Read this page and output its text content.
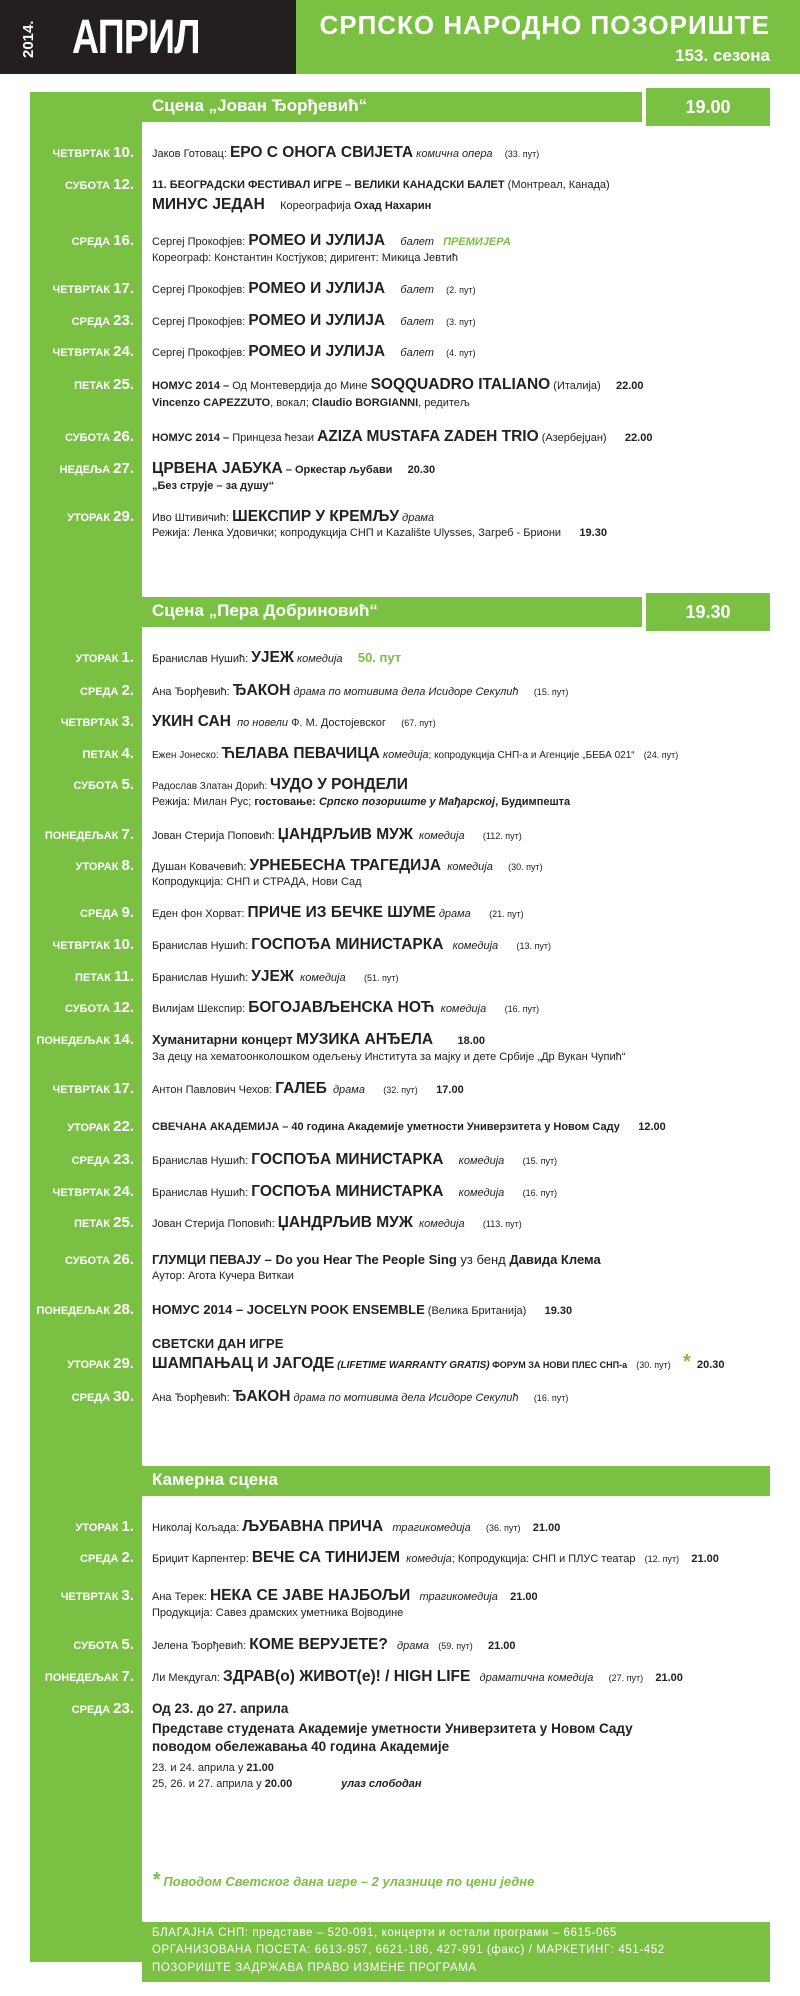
2014. АПРИЛ	СРПСКО НАРОДНО ПОЗОРИШТЕ
153. сезона
Сцена „Јован Ђорђевић“	19.00
ЧЕТВРТАК 10. Јаков Готовац: ЕРО С ОНОГА СВИЈЕТА комична опера (33. пут)
СУБОТА 12. 11. БЕОГРАДСКИ ФЕСТИВАЛ ИГРЕ – ВЕЛИКИ КАНАДСКИ БАЛЕТ (Монтреал, Канада)
МИНУС ЈЕДАН Кореографија Охад Нахарин
СРЕДА 16. Сергеј Прокофјев: РОМЕО И ЈУЛИЈА балет ПРЕМИЈЕРА
Кореограф: Константин Костјуков; диригент: Микица Јевтић
ЧЕТВРТАК 17. Сергеј Прокофјев: РОМЕО И ЈУЛИЈА балет (2. пут)
СРЕДА 23. Сергеј Прокофјев: РОМЕО И ЈУЛИЈА балет (3. пут)
ЧЕТВРТАК 24. Сергеј Прокофјев: РОМЕО И ЈУЛИЈА балет (4. пут)
ПЕТАК 25. НОМУС 2014 – Од Монтевердија до Мине SOQQUADRO ITALIANO (Италија) 22.00
Vincenzo CAPEZZUTO, вокал; Claudio BORGIANNI, редитељ
СУБОТА 26. НОМУС 2014 – Принцеза ћезаи AZIZA MUSTAFA ZADEH TRIO (Азербејџан) 22.00
НЕДЕЉА 27. ЦРВЕНА ЈАБУКА – Оркестар љубави 20.30
„Без струје – за душу“
УТОРАК 29. Иво Штивичић: ШЕКСПИР У КРЕМЉУ драма
Режија: Ленка Удовички; копродукција СНП и Kazalište Ulysses, Загреб - Бриони 19.30
Сцена „Пера Добриновић“	19.30
УТОРАК 1. Бранислав Нушић: УЈЕЖ комедија 50. пут
СРЕДА 2. Ана Ђорђевић: ЂАКОН драма по мотивима дела Исидоре Секулић (15. пут)
ЧЕТВРТАК 3. УКИН САН  по новели Ф. М. Достојевског (67. пут)
ПЕТАК 4. Ежен Јонеско: ЋЕЛАВА ПЕВАЧИЦА комедија; копродукција СНП-а и Агенције „БЕБА 021“ (24. пут)
СУБОТА 5. Радослав Златан Дорић: ЧУДО У РОНДЕЛИ
Режија: Милан Рус; гостовање: Српско позориште у Мађарској, Будимпешта
ПОНЕДЕЉАК 7. Јован Стерија Поповић: ЏАНДРЉИВ МУЖ  комедија (112. пут)
УТОРАК 8. Душан Ковачевић: УРНЕБЕСНА ТРАГЕДИЈА  комедија (30. пут)
Копродукција: СНП и СТРАДА, Нови Сад
СРЕДА 9. Еден фон Хорват: ПРИЧЕ ИЗ БЕЧКЕ ШУМЕ драма (21. пут)
ЧЕТВРТАК 10. Бранислав Нушић: ГОСПОЂА МИНИСТАРКА   комедија (13. пут)
ПЕТАК 11. Бранислав Нушић: УЈЕЖ  комедија (51. пут)
СУБОТА 12. Вилијам Шекспир: БОГОЈАВЉЕНСКА НОЋ  комедија (16. пут)
ПОНЕДЕЉАК 14. Хуманитарни концерт МУЗИКА АНЂЕЛА 18.00
За децу на хематоонколошком одељењу Института за мајку и дете Србије „Др Вукан Чупић“
ЧЕТВРТАК 17. Антон Павлович Чехов: ГАЛЕБ  драма (32. пут) 17.00
УТОРАК 22. СВЕЧАНА АКАДЕМИЈА – 40 година Академије уметности Универзитета у Новом Саду 12.00
СРЕДА 23. Бранислав Нушић: ГОСПОЂА МИНИСТАРКА     комедија (15. пут)
ЧЕТВРТАК 24. Бранислав Нушић: ГОСПОЂА МИНИСТАРКА     комедија (16. пут)
ПЕТАК 25. Јован Стерија Поповић: ЏАНДРЉИВ МУЖ  комедија (113. пут)
СУБОТА 26. ГЛУМЦИ ПЕВАЈУ – Do you Hear The People Sing уз бенд Давида Клема
Аутор: Агота Кучера Виткаи
ПОНЕДЕЉАК 28. НОМУС 2014 – JOCELYN POOK ENSEMBLE (Велика Британија) 19.30
СВЕТСКИ ДАН ИГРЕ
УТОРАК 29. ШАМПАЊАЦ И ЈАГОДЕ (LIFETIME WARRANTY GRATIS) ФОРУМ ЗА НОВИ ПЛЕС СНП-а (30. пут) * 20.30
СРЕДА 30. Ана Ђорђевић: ЂАКОН драма по мотивима дела Исидоре Секулић (16. пут)
Камерна сцена
УТОРАК 1. Николај Кољада: ЉУБАВНА ПРИЧА   трагикомедија (36. пут) 21.00
СРЕДА 2. Бриџит Карпентер: ВЕЧЕ СА ТИНИЈЕМ  комедија; Копродукција: СНП и ПЛУС театар (12. пут) 21.00
ЧЕТВРТАК 3. Ана Терек: НЕКА СЕ ЈАВЕ НАЈБОЉИ   трагикомедија 21.00
Продукција: Савез драмских уметника Војводине
СУБОТА 5. Јелена Ђорђевић: КОМЕ ВЕРУЈЕТЕ?   драма (59. пут) 21.00
ПОНЕДЕЉАК 7. Ли Мекдугал: ЗДРАВ(о) ЖИВОТ(е)! / HIGH LIFE   драматична комедија (27. пут) 21.00
СРЕДА 23. Од 23. до 27. априла
Представе студената Академије уметности Универзитета у Новом Саду
поводом обележавања 40 година Академије
23. и 24. априла у 21.00
25, 26. и 27. априла у 20.00	улаз слободан
* Поводом Светског дана игре – 2 улазнице по цени једне
БЛАГАЈНА СНП: представе – 520-091, концерти и остали програми – 6615-065
ОРГАНИЗОВАНА ПОСЕТА: 6613-957, 6621-186, 427-991 (факс) / МАРКЕТИНГ: 451-452
ПОЗОРИШТЕ ЗАДРЖАВА ПРАВО ИЗМЕНЕ ПРОГРАМА
